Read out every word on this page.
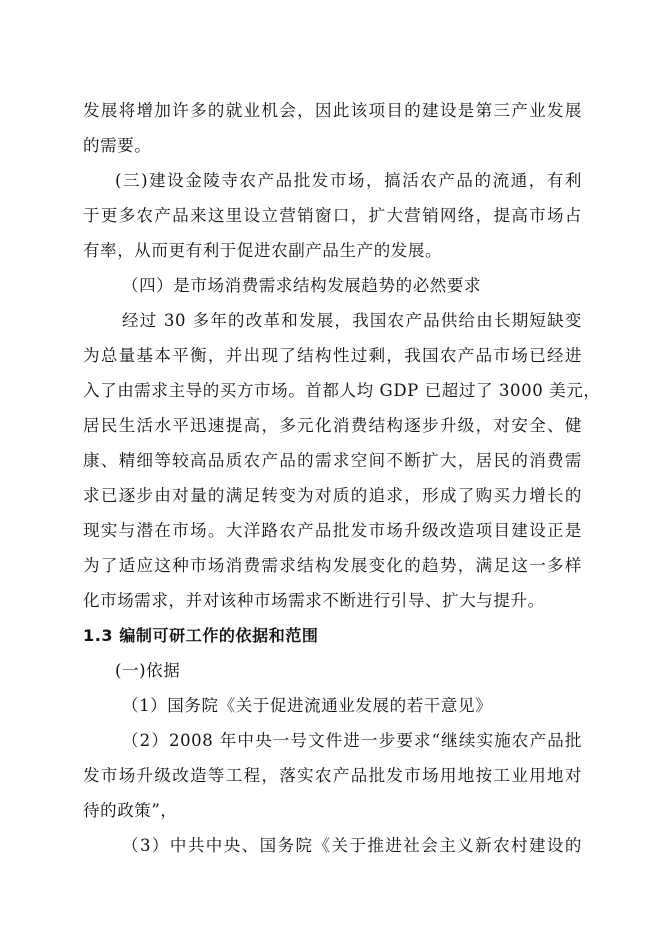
发展将增加许多的就业机会，因此该项目的建设是第三产业发展
的需要。
(三)建设金陵寺农产品批发市场，搞活农产品的流通，有利
于更多农产品来这里设立营销窗口，扩大营销网络，提高市场占
有率，从而更有利于促进农副产品生产的发展。
（四）是市场消费需求结构发展趋势的必然要求
经过 30 多年的改革和发展，我国农产品供给由长期短缺变
为总量基本平衡，并出现了结构性过剩，我国农产品市场已经进
入了由需求主导的买方市场。首都人均 GDP 已超过了 3000 美元，
居民生活水平迅速提高，多元化消费结构逐步升级，对安全、健
康、精细等较高品质农产品的需求空间不断扩大，居民的消费需
求已逐步由对量的满足转变为对质的追求，形成了购买力增长的
现实与潜在市场。大洋路农产品批发市场升级改造项目建设正是
为了适应这种市场消费需求结构发展变化的趋势，满足这一多样
化市场需求，并对该种市场需求不断进行引导、扩大与提升。
1.3 编制可研工作的依据和范围
(一)依据
（1）国务院《关于促进流通业发展的若干意见》
（2）2008 年中央一号文件进一步要求“继续实施农产品批
发市场升级改造等工程，落实农产品批发市场用地按工业用地对
待的政策”，
（3）中共中央、国务院《关于推进社会主义新农村建设的
